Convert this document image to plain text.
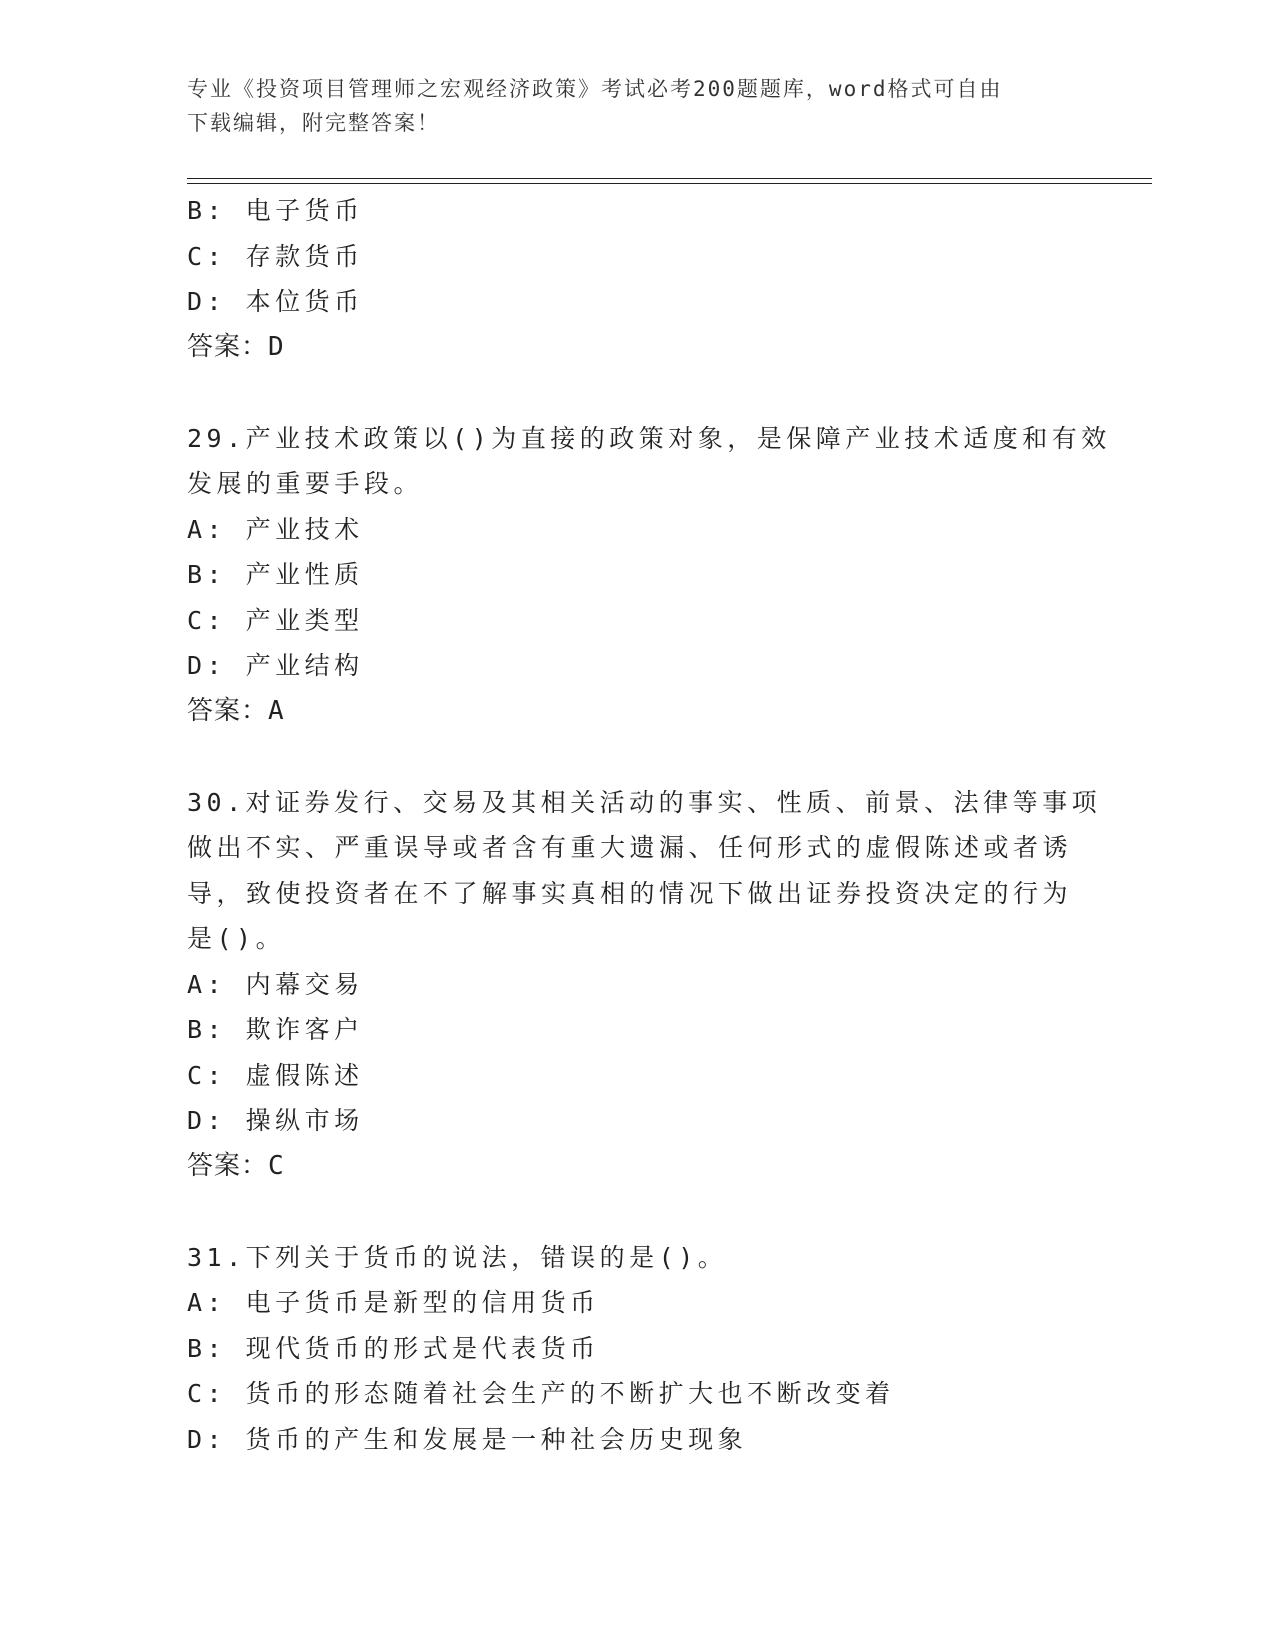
专业《投资项目管理师之宏观经济政策》考试必考200题题库，word格式可自由
下载编辑，附完整答案！
B: 电子货币
C: 存款货币
D: 本位货币
答案：D
29.产业技术政策以()为直接的政策对象，是保障产业技术适度和有效
发展的重要手段。
A: 产业技术
B: 产业性质
C: 产业类型
D: 产业结构
答案：A
30.对证券发行、交易及其相关活动的事实、性质、前景、法律等事项
做出不实、严重误导或者含有重大遗漏、任何形式的虚假陈述或者诱
导，致使投资者在不了解事实真相的情况下做出证券投资决定的行为
是()。
A: 内幕交易
B: 欺诈客户
C: 虚假陈述
D: 操纵市场
答案：C
31.下列关于货币的说法，错误的是()。
A: 电子货币是新型的信用货币
B: 现代货币的形式是代表货币
C: 货币的形态随着社会生产的不断扩大也不断改变着
D: 货币的产生和发展是一种社会历史现象
